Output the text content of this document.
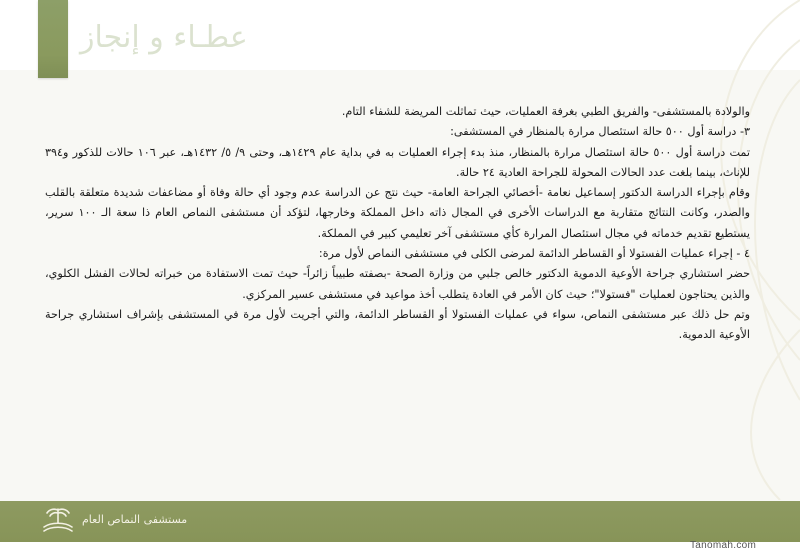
عطـاء و إنجاز

والولادة بالمستشفى- والفريق الطبي بغرفة العمليات، حيث تماثلت المريضة للشفاء التام.

٣- دراسة أول ٥٠٠ حالة استئصال مرارة بالمنظار في المستشفى:

تمت دراسة أول ٥٠٠ حالة استئصال مرارة بالمنظار، منذ بدء إجراء العمليات به في بداية عام ١٤٢٩هـ، وحتى ٩/ ٥/ ١٤٣٢هـ، عبر ١٠٦ حالات للذكور و٣٩٤ للإناث، بينما بلغت عدد الحالات المحولة للجراحة العادية ٢٤ حالة.

وقام بإجراء الدراسة الدكتور إسماعيل نعامة -أخصائي الجراحة العامة- حيث نتج عن الدراسة عدم وجود أي حالة وفاة أو مضاعفات شديدة متعلقة بالقلب والصدر، وكانت النتائج متقاربة مع الدراسات الأخرى في المجال ذاته داخل المملكة وخارجها، لتؤكد أن مستشفى النماص العام ذا سعة الـ ١٠٠ سرير، يستطيع تقديم خدماته في مجال استئصال المرارة كأي مستشفى آخر تعليمي كبير في المملكة.

٤ - إجراء عمليات الفستولا أو القساطر الدائمة لمرضى الكلى في مستشفى النماص لأول مرة:

حضر استشاري جراحة الأوعية الدموية الدكتور خالص جلبي من وزارة الصحة -بصفته طبيباً زائراً- حيث تمت الاستفادة من خبراته لحالات الفشل الكلوي، والذين يحتاجون لعمليات "فستولا"؛ حيث كان الأمر في العادة يتطلب أخذ مواعيد في مستشفى عسير المركزي.

وتم حل ذلك عبر مستشفى النماص، سواء في عمليات الفستولا أو القساطر الدائمة، والتي أجريت لأول مرة في المستشفى بإشراف استشاري جراحة الأوعية الدموية.

مستشفى النماص العام
Tanomah.com
